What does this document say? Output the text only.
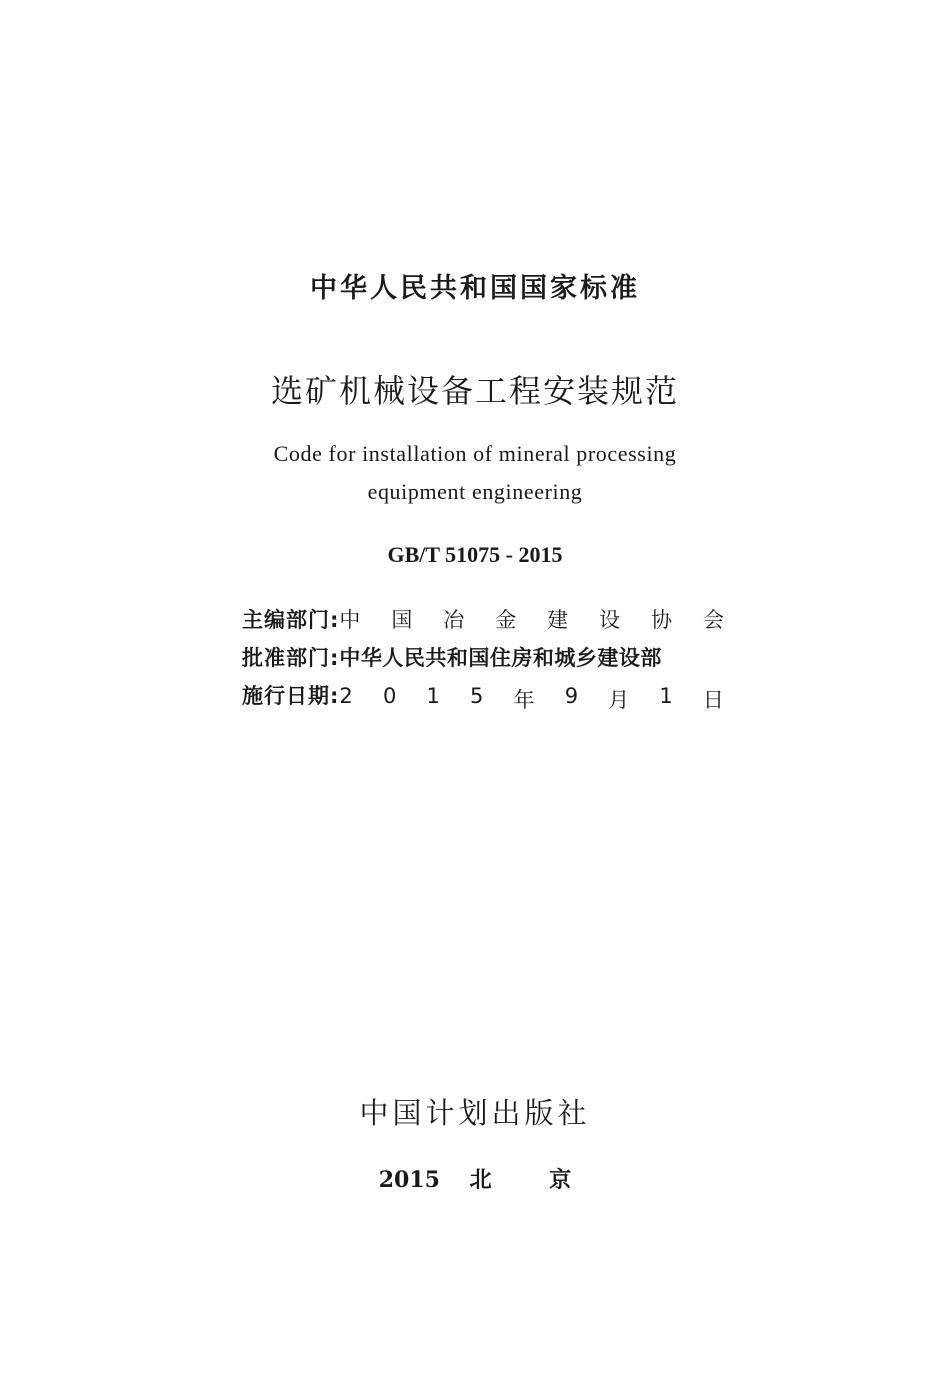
中华人民共和国国家标准
选矿机械设备工程安装规范
Code for installation of mineral processing
equipment engineering
GB/T 51075 - 2015
主编部门: 中 国 冶 金 建 设 协 会
批准部门: 中华人民共和国住房和城乡建设部
施行日期: 2 0 1 5 年 9 月 1 日
中国计划出版社
2015 北	京
